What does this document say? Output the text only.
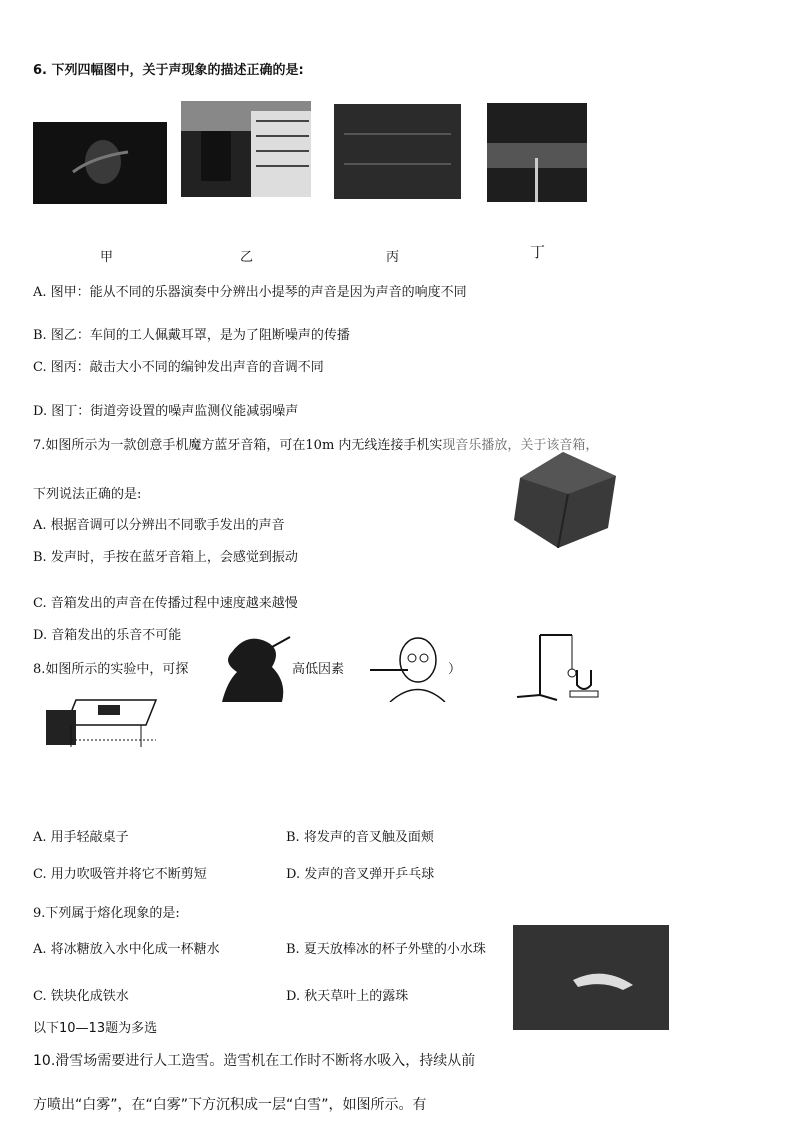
6. 下列四幅图中，关于声现象的描述正确的是:
甲	乙	丙	丁
A. 图甲：能从不同的乐器演奏中分辨出小提琴的声音是因为声音的响度不同
B. 图乙：车间的工人佩戴耳罩，是为了阻断噪声的传播
C. 图丙：敲击大小不同的编钟发出声音的音调不同
D. 图丁：街道旁设置的噪声监测仪能减弱噪声
7.如图所示为一款创意手机魔方蓝牙音箱，可在10m 内无线连接手机实现音乐播放，关于该音箱，
下列说法正确的是:
A. 根据音调可以分辨出不同歌手发出的声音
B. 发声时，手按在蓝牙音箱上，会感觉到振动
C. 音箱发出的声音在传播过程中速度越来越慢
D. 音箱发出的乐音不可能
8.如图所示的实验中，可探	高低因素	）
A. 用手轻敲桌子	B. 将发声的音叉触及面颊
C. 用力吹吸管并将它不断剪短	D. 发声的音叉弹开乒乓球
9.下列属于熔化现象的是:
A. 将冰糖放入水中化成一杯糖水	B. 夏天放棒冰的杯子外壁的小水珠
C. 铁块化成铁水	D. 秋天草叶上的露珠
以下10—13题为多选
10.滑雪场需要进行人工造雪。造雪机在工作时不断将水吸入，持续从前
方喷出“白雾”，在“白雾”下方沉积成一层“白雪”，如图所示。有
